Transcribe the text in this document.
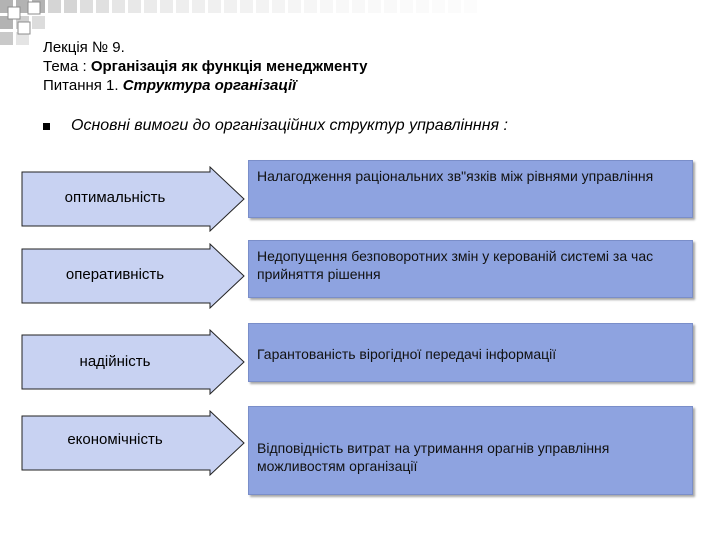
Лекція № 9.
Тема : Організація як функція менеджменту
Питання 1. Структура організації
Основні вимоги до організаційних структур управлінння :
оптимальність
Налагодження раціональних зв"язків між рівнями управління
оперативність
Недопущення безповоротних змін у керованій системі за час прийняття рішення
надійність	Гарантованість вірогідної передачі інформації
економічність	Відповідність витрат на утримання орагнів управління можливостям організації
